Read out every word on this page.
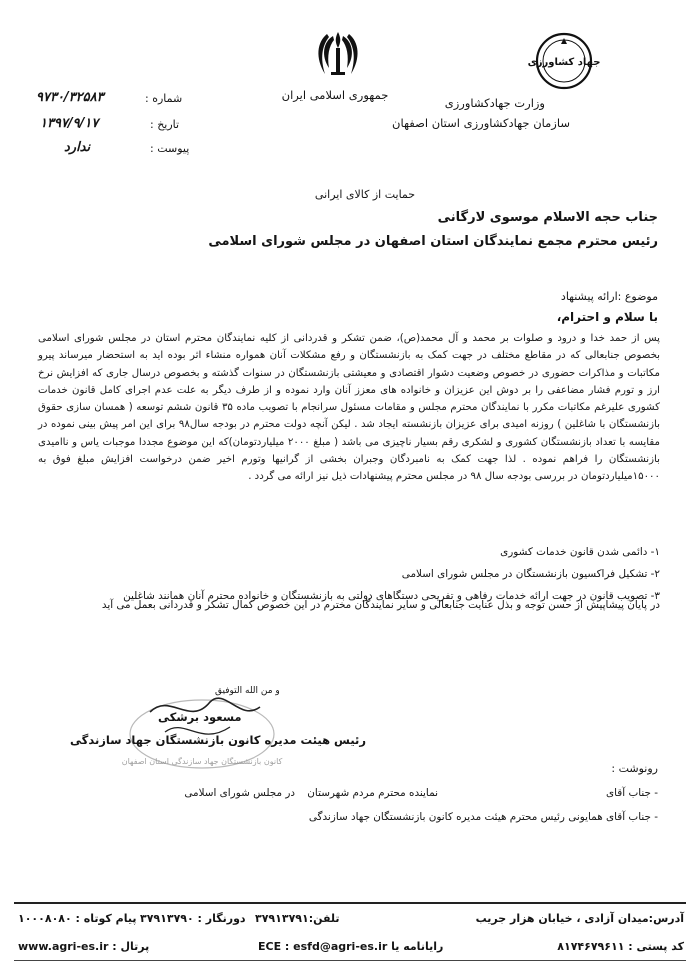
جمهوری اسلامی ایران
جهاد کشاورزی
وزارت جهادکشاورزی
سازمان جهادکشاورزی استان اصفهان
شماره :
۹۷۳۰/۳۲۵۸۳
تاریخ :
۱۳۹۷/۹/۱۷
پیوست :
ندارد
حمایت از کالای ایرانی
جناب حجه الاسلام موسوی لارگانی
رئیس محترم مجمع نمایندگان استان اصفهان در مجلس شورای اسلامی
موضوع :ارائه پیشنهاد
با سلام و احترام،

پس از حمد خدا و درود و صلوات بر محمد و آل محمد(ص)، ضمن تشکر و قدردانی از کلیه نمایندگان محترم استان در مجلس شورای اسلامی بخصوص جنابعالی که در مقاطع مختلف در جهت کمک به بازنشستگان و رفع مشکلات آنان همواره منشاء اثر بوده اید به استحضار میرساند پیرو مکاتبات و مذاکرات حضوری در خصوص وضعیت دشوار اقتصادی و معیشتی بازنشستگان در سنوات گذشته و بخصوص درسال جاری که افزایش نرخ ارز و تورم فشار مضاعفی را بر دوش این عزیزان و خانواده های معزز آنان وارد نموده و از طرف دیگر به علت عدم اجرای کامل قانون خدمات کشوری علیرغم مکاتبات مکرر با نمایندگان محترم مجلس و مقامات مسئول سرانجام با تصویب ماده ۳۵ قانون ششم توسعه ( همسان سازی حقوق بازنشستگان با شاغلین ) روزنه امیدی برای عزیزان بازنشسته ایجاد شد . لیکن آنچه دولت محترم در بودجه سال۹۸ برای این امر پیش بینی نموده در مقایسه با تعداد بازنشستگان کشوری و لشکری رقم بسیار ناچیزی می باشد ( مبلغ ۲۰۰۰ میلیاردتومان)که این موضوع مجددا موجبات یاس و ناامیدی بازنشستگان را فراهم نموده . لذا جهت کمک به نامبردگان وجبران بخشی از گرانیها وتورم اخیر ضمن درخواست افزایش مبلغ فوق به ۱۵۰۰۰میلیاردتومان در بررسی بودجه سال ۹۸ در مجلس محترم پیشنهادات ذیل نیز ارائه می گردد .

۱- دائمی شدن قانون خدمات کشوری
۲- تشکیل فراکسیون بازنشستگان در مجلس شورای اسلامی
۳- تصویب قانون در جهت ارائه خدمات رفاهی و تفریحی دستگاهای دولتی به بازنشستگان و خانواده محترم آنان همانند شاغلین
در پایان پیشاپیش از حسن توجه و بذل عنایت جنابعالی و سایر نمایندگان مخترم در این خصوص کمال تشکر و قدردانی بعمل می آید
کانون بازنشستگان جهاد سازندگی استان اصفهان
و من الله التوفیق
مسعود برشکی
رئیس هیئت مدیره کانون بازنشستگان جهاد سازندگی
رونوشت :
- جناب آقای
نماینده محترم مردم شهرستان
در مجلس شورای اسلامی
- جناب آقای همایونی رئیس محترم هیئت مدیره کانون بازنشستگان جهاد سازندگی
آدرس:میدان آزادی ، خیابان هزار جریب
تلفن:۳۷۹۱۳۷۹۱
دورنگار : ۳۷۹۱۳۷۹۰
پیام کوتاه : ۱۰۰۰۸۰۸۰
کد پستی : ۸۱۷۴۶۷۹۶۱۱
رایانامه یا ECE : esfd@agri-es.ir
پرتال : www.agri-es.ir
